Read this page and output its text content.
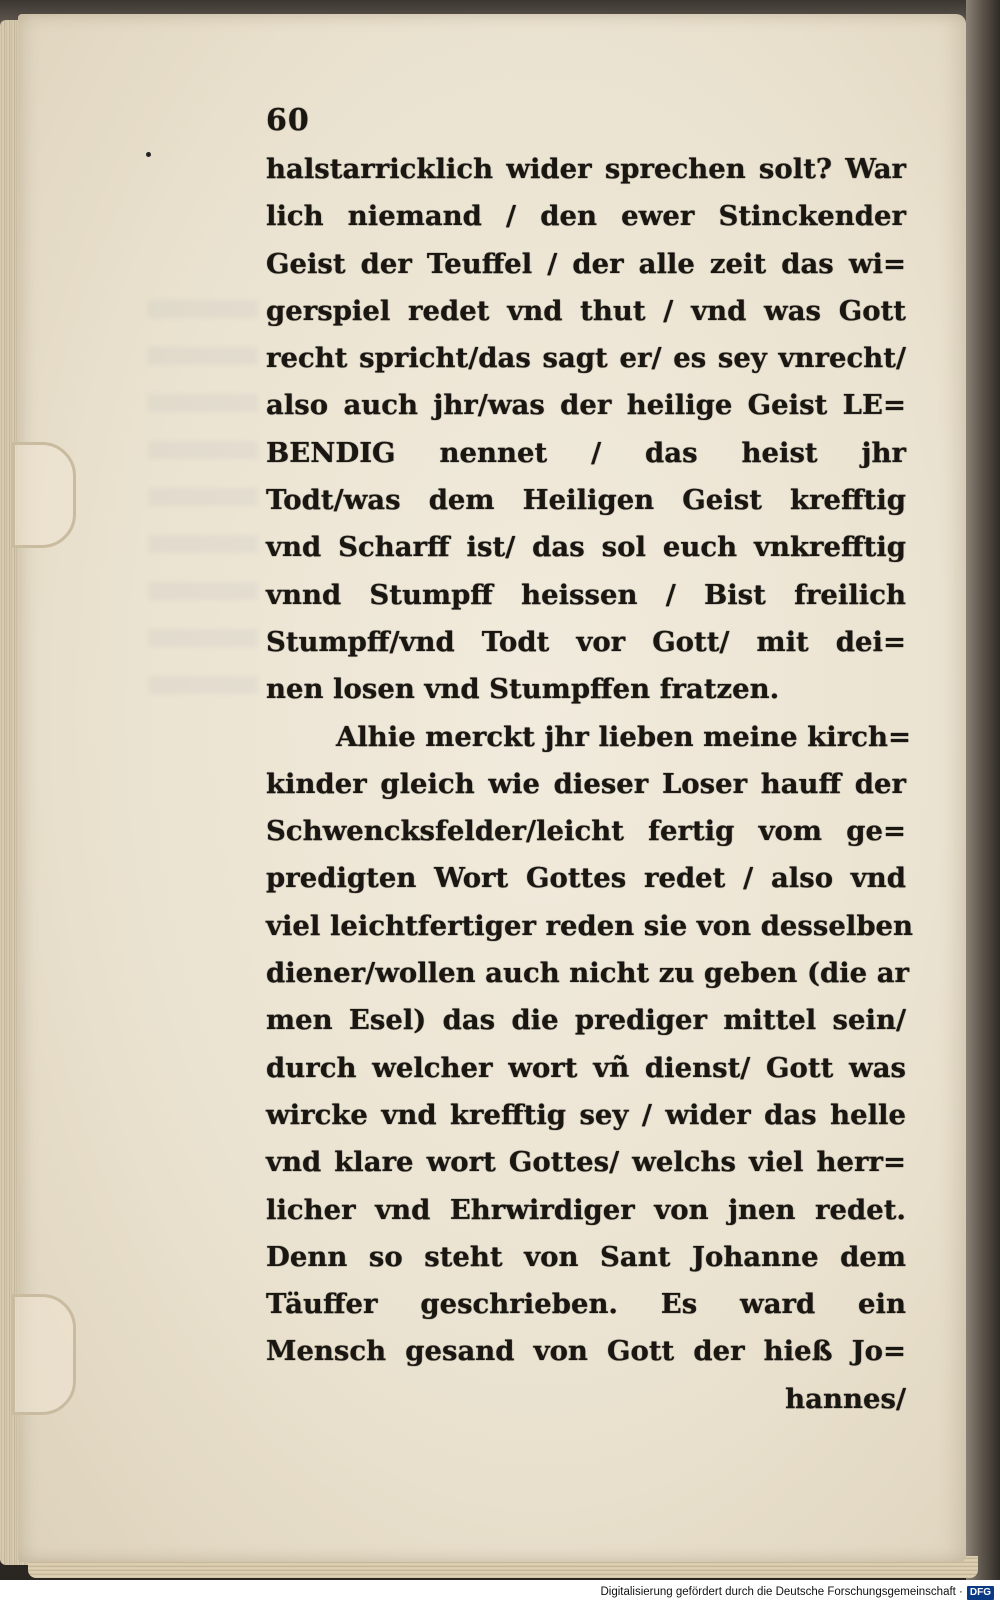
60
halstarricklich wider sprechen solt? War
lich niemand / den ewer Stinckender
Geist der Teuffel / der alle zeit das wi=
gerspiel redet vnd thut / vnd was Gott
recht spricht/das sagt er/ es sey vnrecht/
also auch jhr/was der heilige Geist LE=
BENDIG nennet / das heist jhr
Todt/was dem Heiligen Geist krefftig
vnd Scharff ist/ das sol euch vnkrefftig
vnnd Stumpff heissen / Bist freilich
Stumpff/vnd Todt vor Gott/ mit dei=
nen losen vnd Stumpffen fratzen.
Alhie merckt jhr lieben meine kirch=
kinder gleich wie dieser Loser hauff der
Schwencksfelder/leicht fertig vom ge=
predigten Wort Gottes redet / also vnd
viel leichtfertiger reden sie von desselben
diener/wollen auch nicht zu geben (die ar
men Esel) das die prediger mittel sein/
durch welcher wort vñ dienst/ Gott was
wircke vnd krefftig sey / wider das helle
vnd klare wort Gottes/ welchs viel herr=
licher vnd Ehrwirdiger von jnen redet.
Denn so steht von Sant Johanne dem
Täuffer geschrieben. Es ward ein
Mensch gesand von Gott der hieß Jo=
hannes/
Digitalisierung gefördert durch die Deutsche Forschungsgemeinschaft · DFG
